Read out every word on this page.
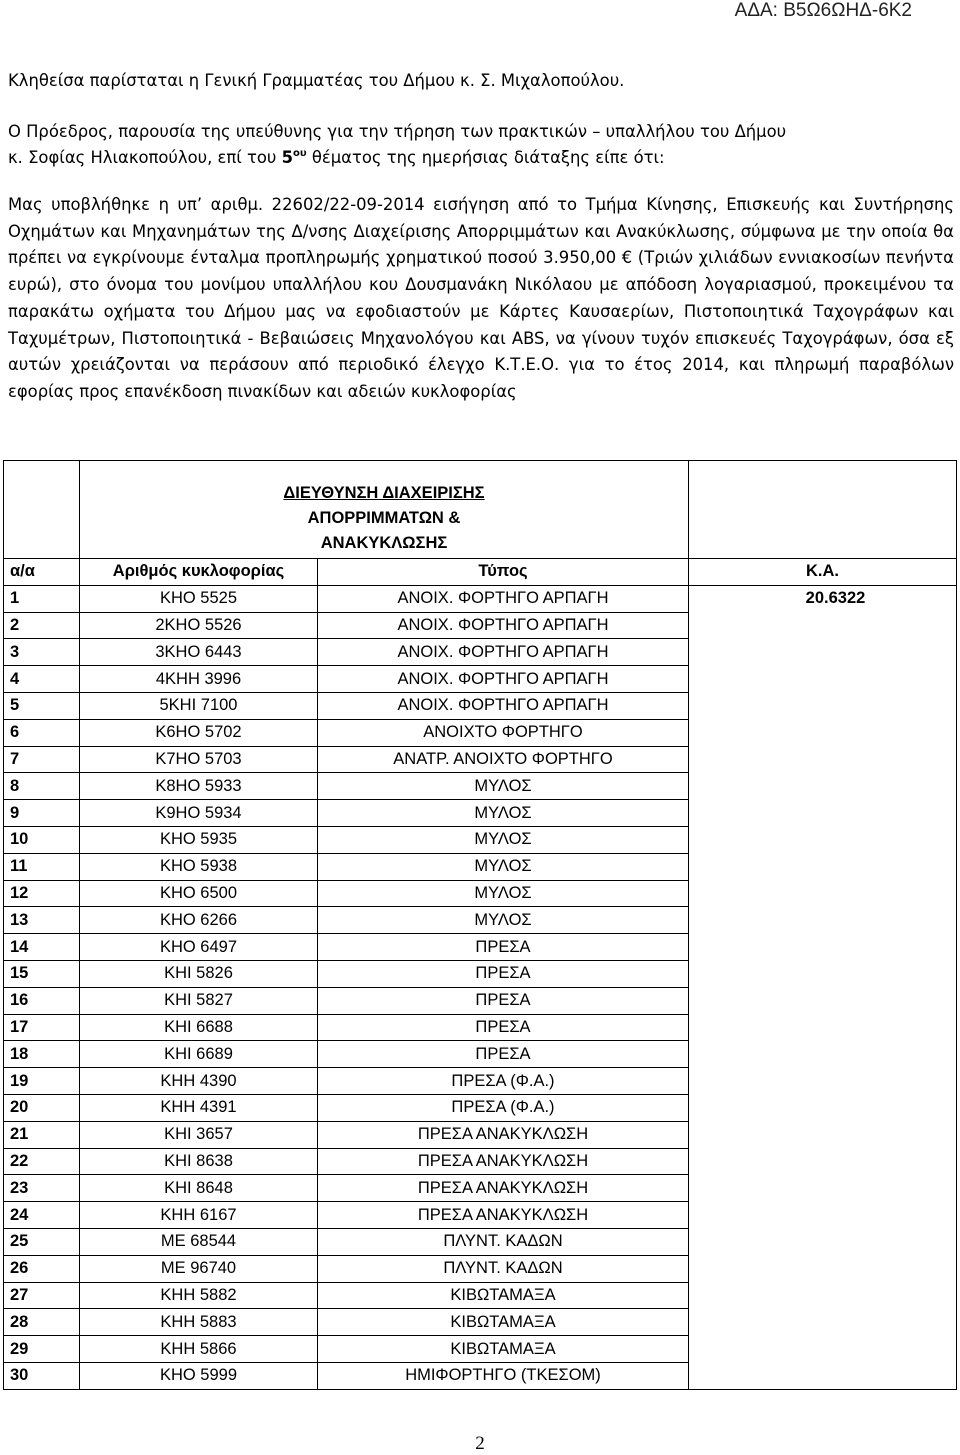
ΑΔΑ: Β5Ω6ΩΗΔ-6Κ2
Κληθείσα παρίσταται η Γενική Γραμματέας του Δήμου κ. Σ. Μιχαλοπούλου.
Ο Πρόεδρος, παρουσία της υπεύθυνης για την τήρηση των πρακτικών – υπαλλήλου του Δήμου
κ. Σοφίας Ηλιακοπούλου, επί του $5^{o\upsilon}$ θέματος της ημερήσιας διάταξης είπε ότι:
Μας υποβλήθηκε η υπ’ αριθμ. 22602/22-09-2014 εισήγηση από το Τμήμα Κίνησης, Επισκευής και Συντήρησης Οχημάτων και Μηχανημάτων της Δ/νσης Διαχείρισης Απορριμμάτων και Ανακύκλωσης, σύμφωνα με την οποία θα πρέπει να εγκρίνουμε ένταλμα προπληρωμής χρηματικού ποσού 3.950,00 € (Τριών χιλιάδων εννιακοσίων πενήντα ευρώ), στο όνομα του μονίμου υπαλλήλου κου Δουσμανάκη Νικόλαου με απόδοση λογαριασμού, προκειμένου τα παρακάτω οχήματα του Δήμου μας να εφοδιαστούν με Κάρτες Καυσαερίων, Πιστοποιητικά Ταχογράφων και Ταχυμέτρων, Πιστοποιητικά - Βεβαιώσεις Μηχανολόγου και ABS, να γίνουν τυχόν επισκευές Ταχογράφων, όσα εξ αυτών χρειάζονται να περάσουν από περιοδικό έλεγχο Κ.Τ.Ε.Ο. για το έτος 2014, και πληρωμή παραβόλων εφορίας προς επανέκδοση πινακίδων και αδειών κυκλοφορίας
	ΔΙΕΥΘΥΝΣΗ ΔΙΑΧΕΙΡΙΣΗΣ
ΑΠΟΡΡΙΜΜΑΤΩΝ &
ΑΝΑΚΥΚΛΩΣΗΣ		
α/α	Αριθμός κυκλοφορίας	Τύπος	Κ.Α.
1	ΚΗΟ 5525	ΑΝΟΙΧ. ΦΟΡΤΗΓΟ ΑΡΠΑΓΗ	20.6322
2	2ΚΗΟ 5526	ΑΝΟΙΧ. ΦΟΡΤΗΓΟ ΑΡΠΑΓΗ	
3	3ΚΗΟ 6443	ΑΝΟΙΧ. ΦΟΡΤΗΓΟ ΑΡΠΑΓΗ	
4	4ΚΗΗ 3996	ΑΝΟΙΧ. ΦΟΡΤΗΓΟ ΑΡΠΑΓΗ	
5	5ΚΗΙ 7100	ΑΝΟΙΧ. ΦΟΡΤΗΓΟ ΑΡΠΑΓΗ	
6	Κ6ΗΟ 5702	ΑΝΟΙΧΤΟ ΦΟΡΤΗΓΟ	
7	Κ7ΗΟ 5703	ΑΝΑΤΡ. ΑΝΟΙΧΤΟ ΦΟΡΤΗΓΟ	
8	Κ8ΗΟ 5933	ΜΥΛΟΣ	
9	Κ9ΗΟ 5934	ΜΥΛΟΣ	
10	ΚΗΟ 5935	ΜΥΛΟΣ	
11	ΚΗΟ 5938	ΜΥΛΟΣ	
12	ΚΗΟ 6500	ΜΥΛΟΣ	
13	ΚΗΟ 6266	ΜΥΛΟΣ	
14	ΚΗΟ 6497	ΠΡΕΣΑ	
15	ΚΗΙ 5826	ΠΡΕΣΑ	
16	ΚΗΙ 5827	ΠΡΕΣΑ	
17	ΚΗΙ 6688	ΠΡΕΣΑ	
18	ΚΗΙ 6689	ΠΡΕΣΑ	
19	ΚΗΗ 4390	ΠΡΕΣΑ (Φ.Α.)	
20	ΚΗΗ 4391	ΠΡΕΣΑ (Φ.Α.)	
21	ΚΗΙ 3657	ΠΡΕΣΑ ΑΝΑΚΥΚΛΩΣΗ	
22	ΚΗΙ 8638	ΠΡΕΣΑ ΑΝΑΚΥΚΛΩΣΗ	
23	ΚΗΙ 8648	ΠΡΕΣΑ ΑΝΑΚΥΚΛΩΣΗ	
24	ΚΗΗ 6167	ΠΡΕΣΑ ΑΝΑΚΥΚΛΩΣΗ	
25	ΜΕ 68544	ΠΛΥΝΤ. ΚΑΔΩΝ	
26	ΜΕ 96740	ΠΛΥΝΤ. ΚΑΔΩΝ	
27	ΚΗΗ 5882	ΚΙΒΩΤΑΜΑΞΑ	
28	ΚΗΗ 5883	ΚΙΒΩΤΑΜΑΞΑ	
29	ΚΗΗ 5866	ΚΙΒΩΤΑΜΑΞΑ	
30	ΚΗΟ 5999	ΗΜΙΦΟΡΤΗΓΟ (ΤΚΕΣΟΜ)	
2
